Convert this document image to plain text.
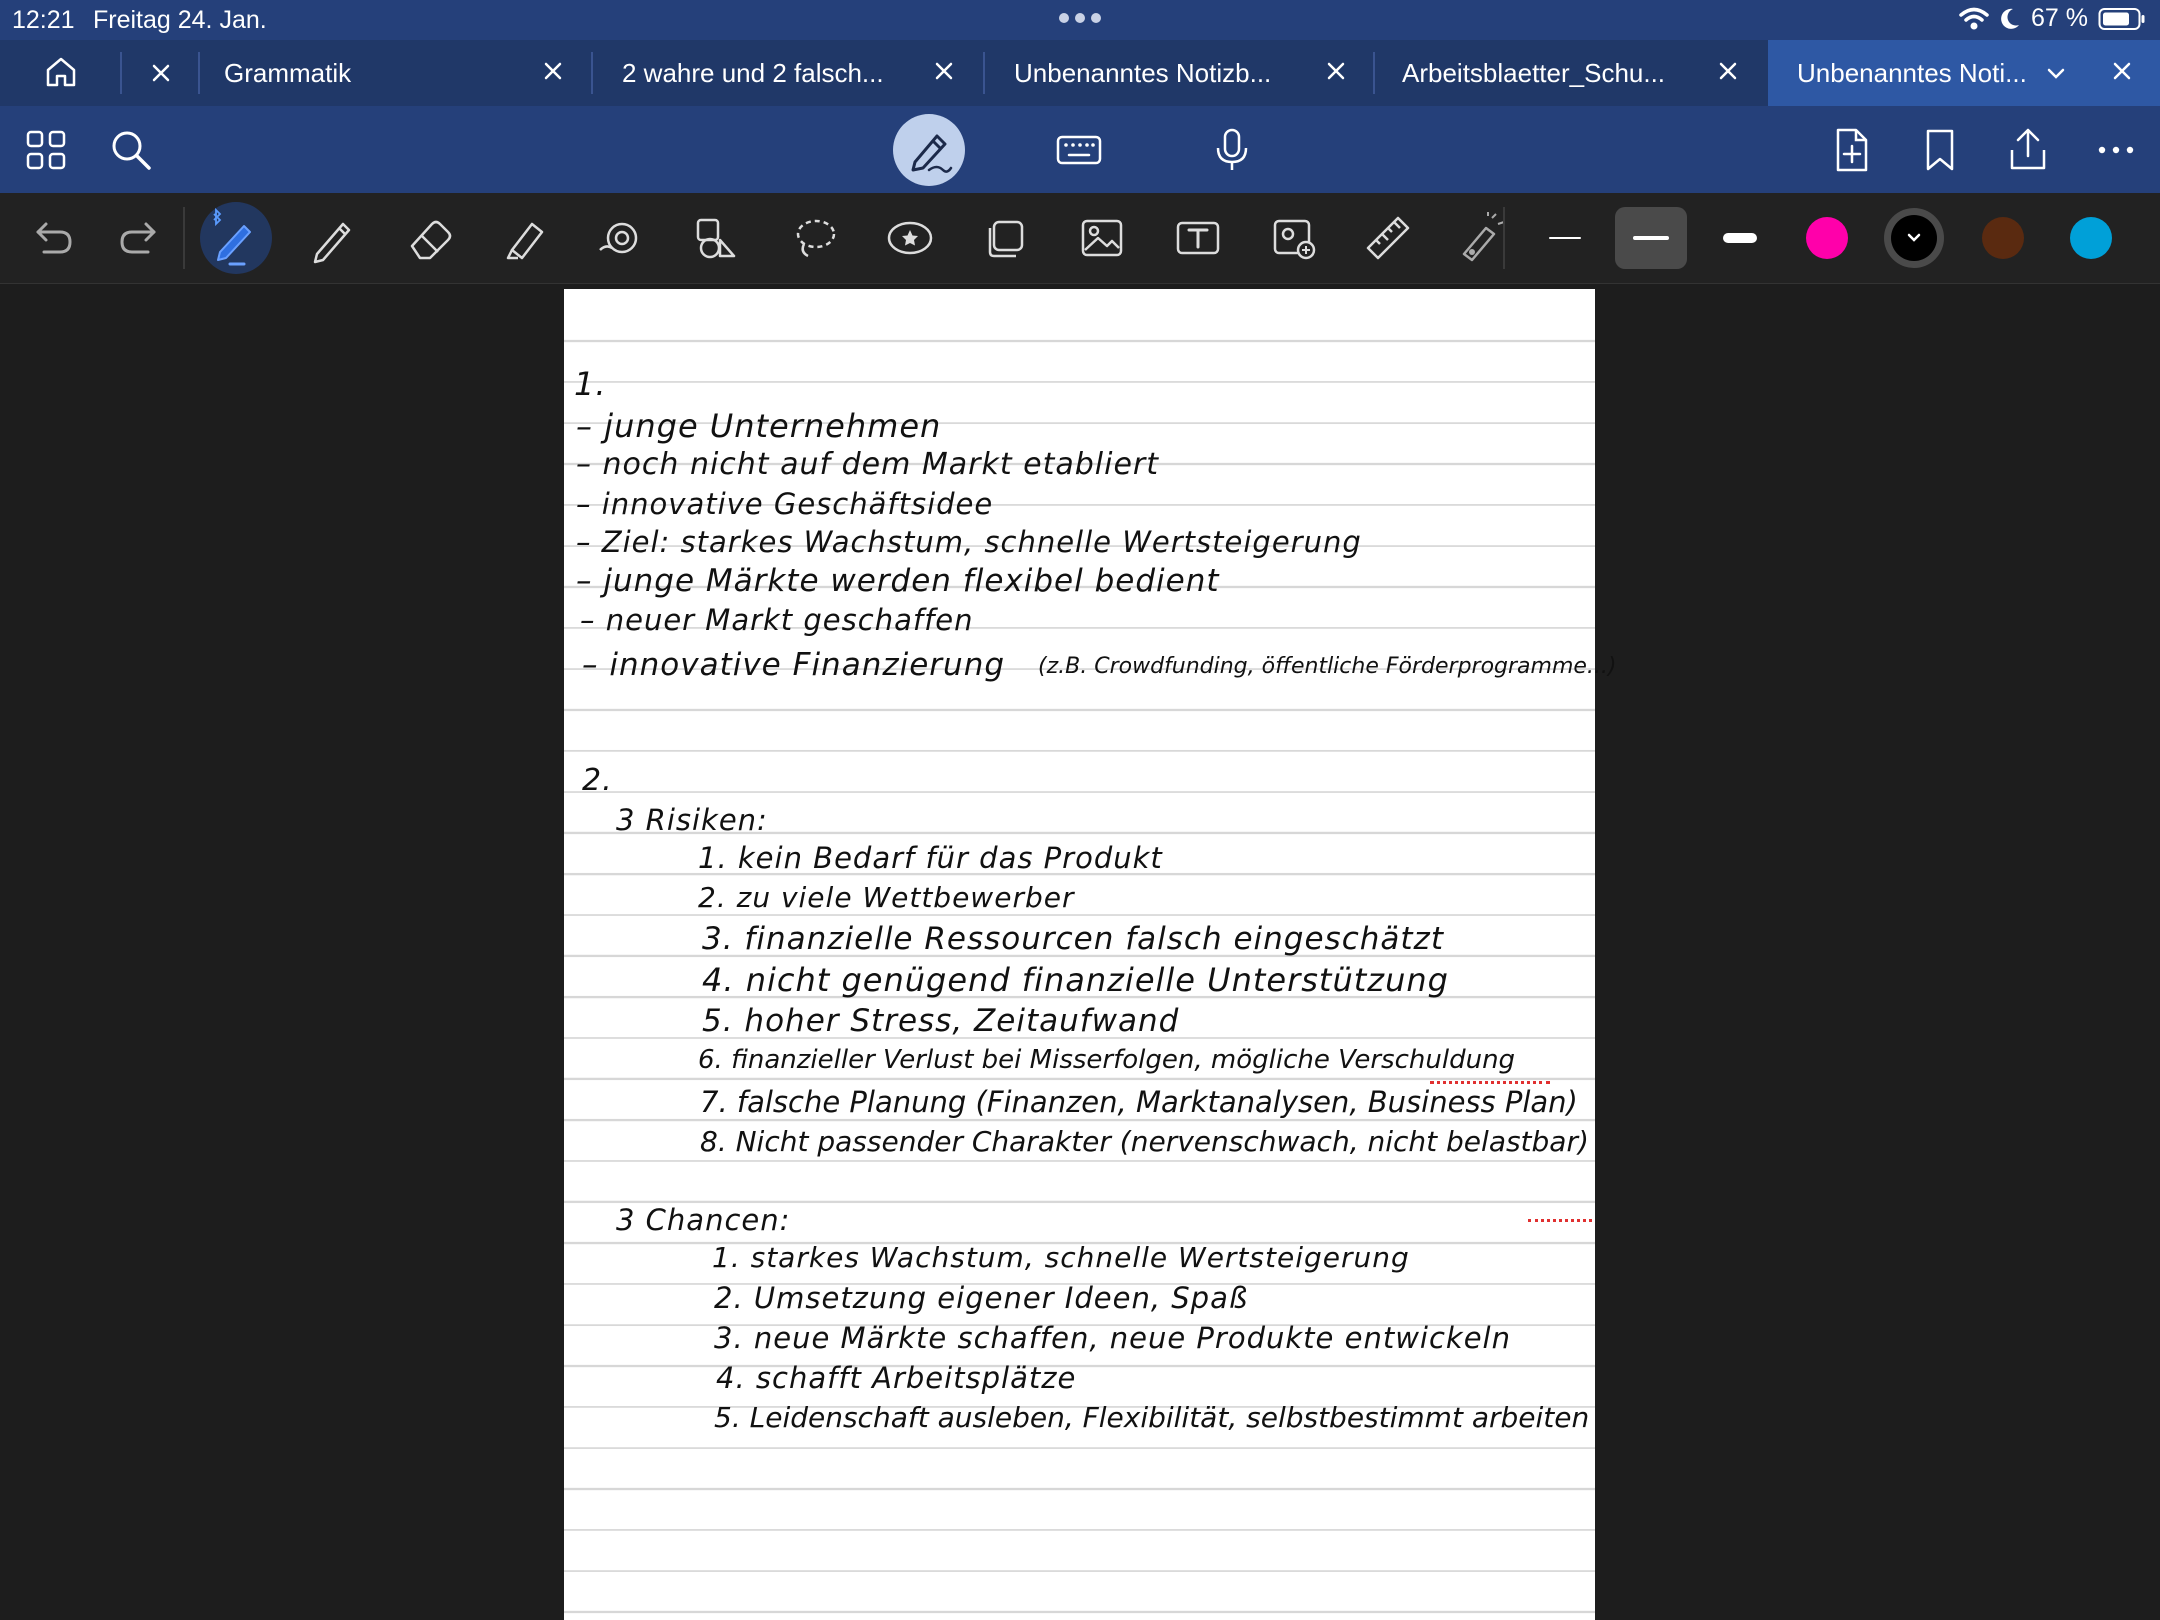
12:21 Freitag 24. Jan.	67 %
Grammatik	2 wahre und 2 falsch...	Unbenanntes Notizb...	Arbeitsblaetter_Schu...	Unbenanntes Noti...
1.
– junge Unternehmen
– noch nicht auf dem Markt etabliert
– innovative Geschäftsidee
– Ziel: starkes Wachstum, schnelle Wertsteigerung
– junge Märkte werden flexibel bedient
– neuer Markt geschaffen
– innovative Finanzierung (z.B. Crowdfunding, öffentliche Förderprogramme...)
2.
3 Risiken:
1. kein Bedarf für das Produkt
2. zu viele Wettbewerber
3. finanzielle Ressourcen falsch eingeschätzt
4. nicht genügend finanzielle Unterstützung
5. hoher Stress, Zeitaufwand
6. finanzieller Verlust bei Misserfolgen, mögliche Verschuldung
7. falsche Planung (Finanzen, Marktanalysen, Business Plan)
8. Nicht passender Charakter (nervenschwach, nicht belastbar)
3 Chancen:
1. starkes Wachstum, schnelle Wertsteigerung
2. Umsetzung eigener Ideen, Spaß
3. neue Märkte schaffen, neue Produkte entwickeln
4. schafft Arbeitsplätze
5. Leidenschaft ausleben, Flexibilität, selbstbestimmt arbeiten
